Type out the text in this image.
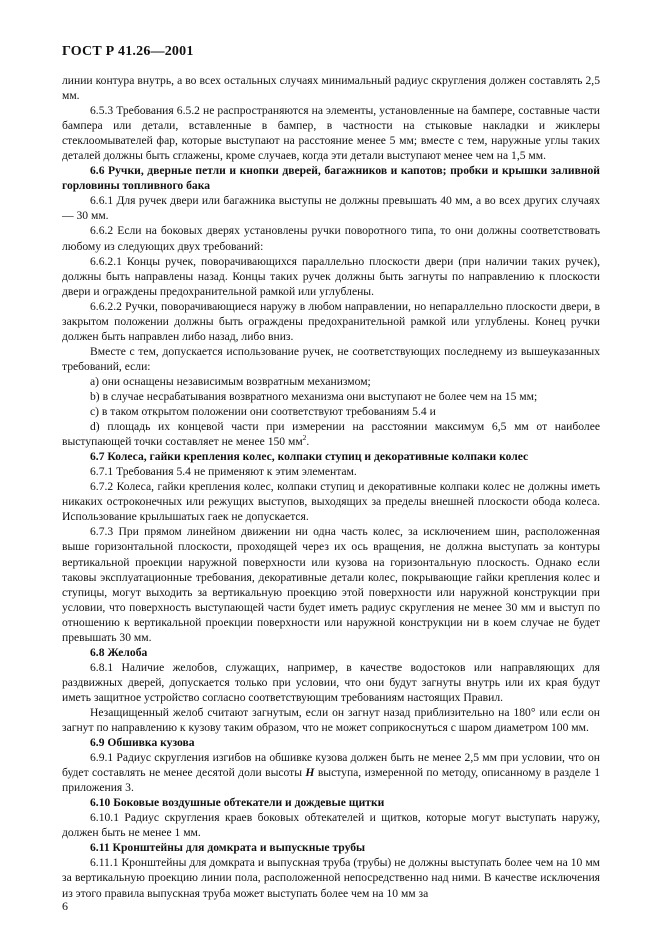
ГОСТ Р 41.26—2001

линии контура внутрь, а во всех остальных случаях минимальный радиус скругления должен составлять 2,5 мм.

6.5.3 Требования 6.5.2 не распространяются на элементы, установленные на бампере, составные части бампера или детали, вставленные в бампер, в частности на стыковые накладки и жиклеры стеклоомывателей фар, которые выступают на расстояние менее 5 мм; вместе с тем, наружные углы таких деталей должны быть сглажены, кроме случаев, когда эти детали выступают менее чем на 1,5 мм.

6.6 Ручки, дверные петли и кнопки дверей, багажников и капотов; пробки и крышки заливной горловины топливного бака

6.6.1 Для ручек двери или багажника выступы не должны превышать 40 мм, а во всех других случаях — 30 мм.

6.6.2 Если на боковых дверях установлены ручки поворотного типа, то они должны соответствовать любому из следующих двух требований:

6.6.2.1 Концы ручек, поворачивающихся параллельно плоскости двери (при наличии таких ручек), должны быть направлены назад. Концы таких ручек должны быть загнуты по направлению к плоскости двери и ограждены предохранительной рамкой или углублены.

6.6.2.2 Ручки, поворачивающиеся наружу в любом направлении, но непараллельно плоскости двери, в закрытом положении должны быть ограждены предохранительной рамкой или углублены. Конец ручки должен быть направлен либо назад, либо вниз.

Вместе с тем, допускается использование ручек, не соответствующих последнему из вышеуказанных требований, если:

a) они оснащены независимым возвратным механизмом;

b) в случае несрабатывания возвратного механизма они выступают не более чем на 15 мм;

c) в таком открытом положении они соответствуют требованиям 5.4 и

d) площадь их концевой части при измерении на расстоянии максимум 6,5 мм от наиболее выступающей точки составляет не менее 150 $мм^2$.

6.7 Колеса, гайки крепления колес, колпаки ступиц и декоративные колпаки колес

6.7.1 Требования 5.4 не применяют к этим элементам.

6.7.2 Колеса, гайки крепления колес, колпаки ступиц и декоративные колпаки колес не должны иметь никаких остроконечных или режущих выступов, выходящих за пределы внешней плоскости обода колеса. Использование крылышатых гаек не допускается.

6.7.3 При прямом линейном движении ни одна часть колес, за исключением шин, расположенная выше горизонтальной плоскости, проходящей через их ось вращения, не должна выступать за контуры вертикальной проекции наружной поверхности или кузова на горизонтальную плоскость. Однако если таковы эксплуатационные требования, декоративные детали колес, покрывающие гайки крепления колес и ступицы, могут выходить за вертикальную проекцию этой поверхности или наружной конструкции при условии, что поверхность выступающей части будет иметь радиус скругления не менее 30 мм и выступ по отношению к вертикальной проекции поверхности или наружной конструкции ни в коем случае не будет превышать 30 мм.

6.8 Желоба

6.8.1 Наличие желобов, служащих, например, в качестве водостоков или направляющих для раздвижных дверей, допускается только при условии, что они будут загнуты внутрь или их края будут иметь защитное устройство согласно соответствующим требованиям настоящих Правил.

Незащищенный желоб считают загнутым, если он загнут назад приблизительно на 180° или если он загнут по направлению к кузову таким образом, что не может соприкоснуться с шаром диаметром 100 мм.

6.9 Обшивка кузова

6.9.1 Радиус скругления изгибов на обшивке кузова должен быть не менее 2,5 мм при условии, что он будет составлять не менее десятой доли высоты H выступа, измеренной по методу, описанному в разделе 1 приложения 3.

6.10 Боковые воздушные обтекатели и дождевые щитки

6.10.1 Радиус скругления краев боковых обтекателей и щитков, которые могут выступать наружу, должен быть не менее 1 мм.

6.11 Кронштейны для домкрата и выпускные трубы

6.11.1 Кронштейны для домкрата и выпускная труба (трубы) не должны выступать более чем на 10 мм за вертикальную проекцию линии пола, расположенной непосредственно над ними. В качестве исключения из этого правила выпускная труба может выступать более чем на 10 мм за

6
